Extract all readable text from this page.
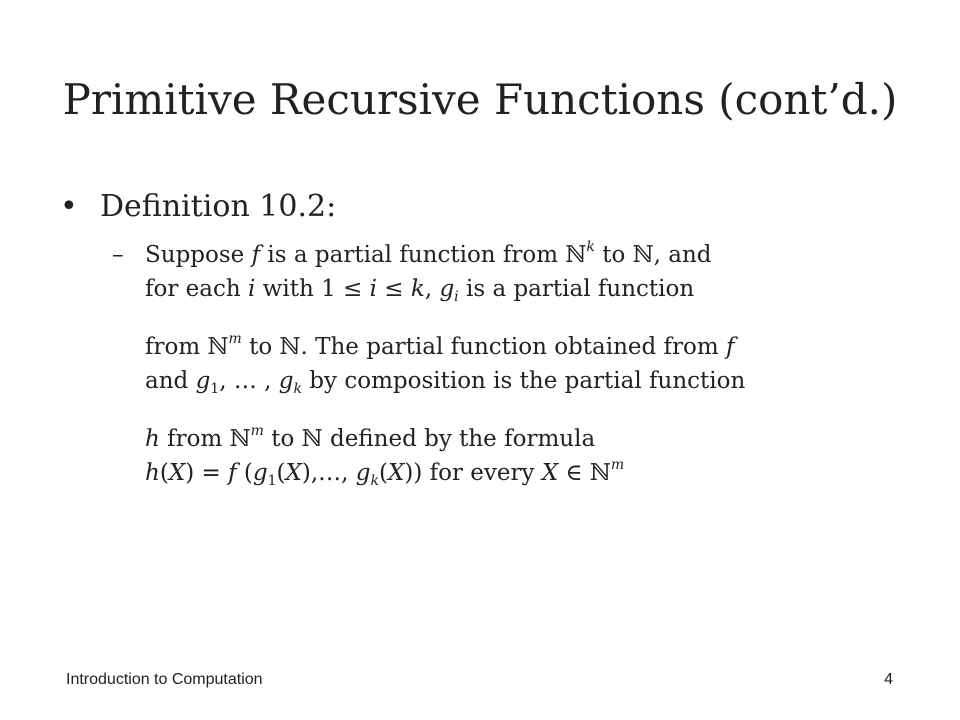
Primitive Recursive Functions (cont’d.)
• Definition 10.2:
– Suppose f is a partial function from ℕ$^k$ to ℕ, and
for each i with 1 ≤ i ≤ k, $g_i$ is a partial function
from ℕ$^m$ to ℕ. The partial function obtained from f
and $g_1$, … , $g_k$ by composition is the partial function
h from ℕ$^m$ to ℕ defined by the formula
h(X) = f ($g_1(X),\dots$, $g_k(X)$) for every X ∈ ℕ$^m$
Introduction to Computation	4
